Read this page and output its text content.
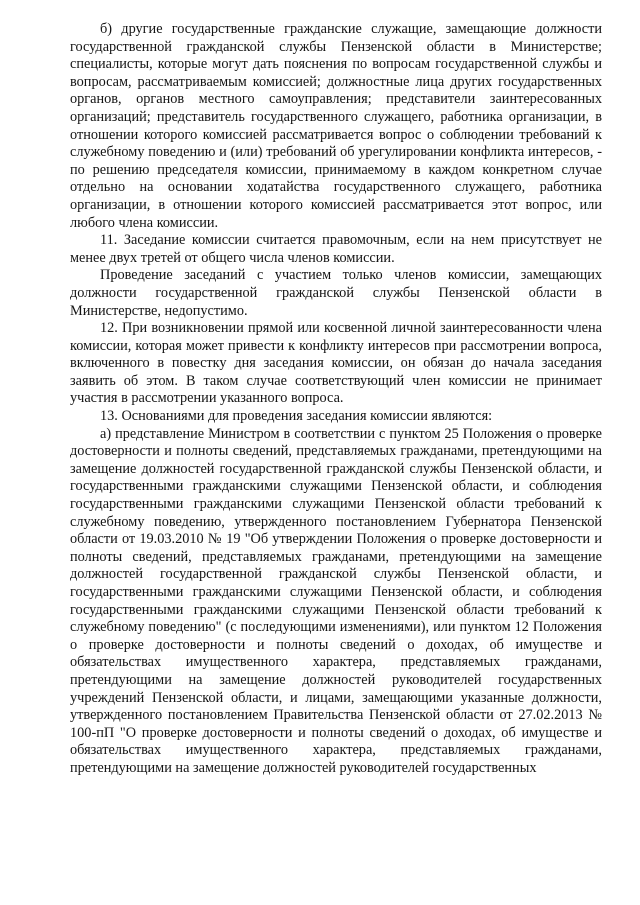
б) другие государственные гражданские служащие, замещающие должности государственной гражданской службы Пензенской области в Министерстве; специалисты, которые могут дать пояснения по вопросам государственной службы и вопросам, рассматриваемым комиссией; должностные лица других государственных органов, органов местного самоуправления; представители заинтересованных организаций; представитель государственного служащего, работника организации, в отношении которого комиссией рассматривается вопрос о соблюдении требований к служебному поведению и (или) требований об урегулировании конфликта интересов, - по решению председателя комиссии, принимаемому в каждом конкретном случае отдельно на основании ходатайства государственного служащего, работника организации, в отношении которого комиссией рассматривается этот вопрос, или любого члена комиссии.

11. Заседание комиссии считается правомочным, если на нем присутствует не менее двух третей от общего числа членов комиссии.

Проведение заседаний с участием только членов комиссии, замещающих должности государственной гражданской службы Пензенской области в Министерстве, недопустимо.

12. При возникновении прямой или косвенной личной заинтересованности члена комиссии, которая может привести к конфликту интересов при рассмотрении вопроса, включенного в повестку дня заседания комиссии, он обязан до начала заседания заявить об этом. В таком случае соответствующий член комиссии не принимает участия в рассмотрении указанного вопроса.

13. Основаниями для проведения заседания комиссии являются:

а) представление Министром в соответствии с пунктом 25 Положения о проверке достоверности и полноты сведений, представляемых гражданами, претендующими на замещение должностей государственной гражданской службы Пензенской области, и государственными гражданскими служащими Пензенской области, и соблюдения государственными гражданскими служащими Пензенской области требований к служебному поведению, утвержденного постановлением Губернатора Пензенской области от 19.03.2010 № 19 "Об утверждении Положения о проверке достоверности и полноты сведений, представляемых гражданами, претендующими на замещение должностей государственной гражданской службы Пензенской области, и государственными гражданскими служащими Пензенской области, и соблюдения государственными гражданскими служащими Пензенской области требований к служебному поведению" (с последующими изменениями), или пунктом 12 Положения о проверке достоверности и полноты сведений о доходах, об имуществе и обязательствах имущественного характера, представляемых гражданами, претендующими на замещение должностей руководителей государственных учреждений Пензенской области, и лицами, замещающими указанные должности, утвержденного постановлением Правительства Пензенской области от 27.02.2013 № 100-пП "О проверке достоверности и полноты сведений о доходах, об имуществе и обязательствах имущественного характера, представляемых гражданами, претендующими на замещение должностей руководителей государственных
